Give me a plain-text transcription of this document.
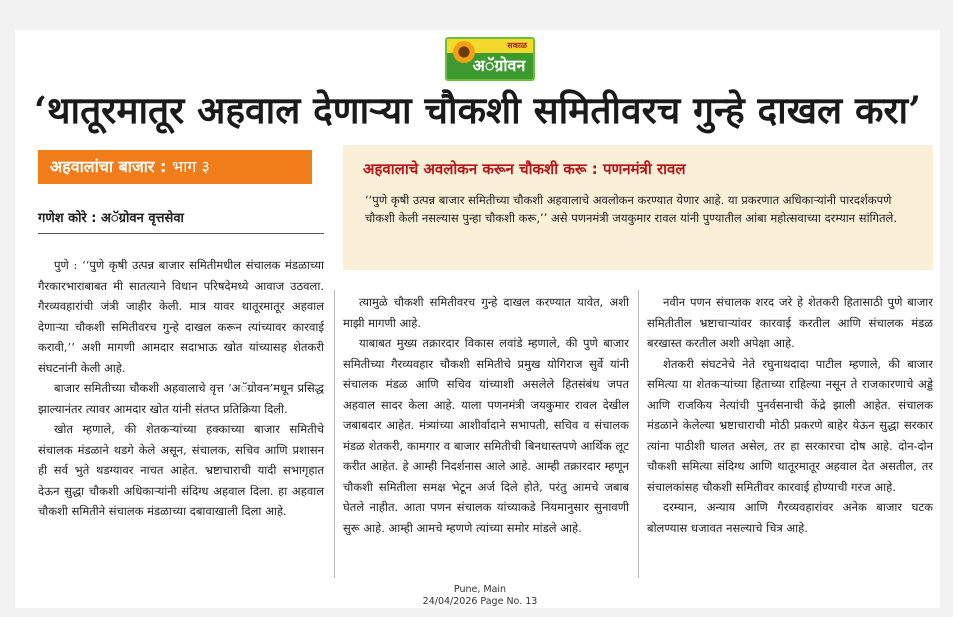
सकाळ
अॅग्रोवन
‘थातूरमातूर अहवाल देणाऱ्या चौकशी समितीवरच गुन्हे दाखल करा’
अहवालांचा बाजार : भाग ३
गणेश कोरे : अॅग्रोवन वृत्तसेवा
अहवालाचे अवलोकन करून चौकशी करू : पणनमंत्री रावल
‘‘पुणे कृषी उत्पन्न बाजार समितीच्या चौकशी अहवालाचे अवलोकन करण्यात येणार आहे. या प्रकरणात अधिकाऱ्यांनी पारदर्शकपणे चौकशी केली नसल्यास पुन्हा चौकशी करू,’’ असे पणनमंत्री जयकुमार रावल यांनी पुण्यातील आंबा महोत्सवाच्या दरम्यान सांगितले.

पुणे : ‘‘पुणे कृषी उत्पन्न बाजार समितीमधील संचालक मंडळाच्या गैरकारभाराबाबत मी सातत्याने विधान परिषदेमध्ये आवाज उठवला. गैरव्यवहारांची जंत्री जाहीर केली. मात्र यावर थातूरमातूर अहवाल देणाऱ्या चौकशी समितीवरच गुन्हे दाखल करून त्यांच्यावर कारवाई करावी,’’ अशी मागणी आमदार सदाभाऊ खोत यांच्यासह शेतकरी संघटनांनी केली आहे.

बाजार समितीच्या चौकशी अहवालाचे वृत्त ‘अॅग्रोवन’मधून प्रसिद्ध झाल्यानंतर त्यावर आमदार खोत यांनी संतप्त प्रतिक्रिया दिली.

खोत म्हणाले, की शेतकऱ्यांच्या हक्काच्या बाजार समितीचे संचालक मंडळाने थडगे केले असून, संचालक, सचिव आणि प्रशासन ही सर्व भुते थडग्यावर नाचत आहेत. भ्रष्टाचाराची यादी सभागृहात देऊन सुद्धा चौकशी अधिकाऱ्यांनी संदिग्ध अहवाल दिला. हा अहवाल चौकशी समितीने संचालक मंडळाच्या दबावाखाली दिला आहे.

त्यामुळे चौकशी समितीवरच गुन्हे दाखल करण्यात यावेत, अशी माझी मागणी आहे.

याबाबत मुख्य तक्रारदार विकास लवांडे म्हणाले, की पुणे बाजार समितीच्या गैरव्यवहार चौकशी समितीचे प्रमुख योगिराज सुर्वे यांनी संचालक मंडळ आणि सचिव यांच्याशी असलेले हितसंबंध जपत अहवाल सादर केला आहे. याला पणनमंत्री जयकुमार रावल देखील जबाबदार आहेत. मंत्र्यांच्या आशीर्वादाने सभापती, सचिव व संचालक मंडळ शेतकरी, कामगार व बाजार समितीची बिनधास्तपणे आर्थिक लूट करीत आहेत. हे आम्ही निदर्शनास आले आहे. आम्ही तक्रारदार म्हणून चौकशी समितीला समक्ष भेटून अर्ज दिले होते, परंतु आमचे जबाब घेतले नाहीत. आता पणन संचालक यांच्याकडे नियमानुसार सुनावणी सुरू आहे. आम्ही आमचे म्हणणे त्यांच्या समोर मांडले आहे.

नवीन पणन संचालक शरद जरे हे शेतकरी हितासाठी पुणे बाजार समितीतील भ्रष्टाचाऱ्यांवर कारवाई करतील आणि संचालक मंडळ बरखास्त करतील अशी अपेक्षा आहे.

शेतकरी संघटनेचे नेते रघुनाथदादा पाटील म्हणाले, की बाजार समित्या या शेतकऱ्यांच्या हिताच्या राहिल्या नसून ते राजकारणाचे अड्डे आणि राजकिय नेत्यांची पुनर्वसनाची केंद्रे झाली आहेत. संचालक मंडळाने केलेल्या भ्रष्टाचाराची मोठी प्रकरणे बाहेर येऊन सुद्धा सरकार त्यांना पाठीशी घालत असेल, तर हा सरकारचा दोष आहे. दोन-दोन चौकशी समित्या संदिग्ध आणि थातूरमातूर अहवाल देत असतील, तर संचालकांसह चौकशी समितीवर कारवाई होण्याची गरज आहे.

दरम्यान, अन्याय आणि गैरव्यवहारांवर अनेक बाजार घटक बोलण्यास धजावत नसल्याचे चित्र आहे.

Pune, Main
24/04/2026 Page No. 13
